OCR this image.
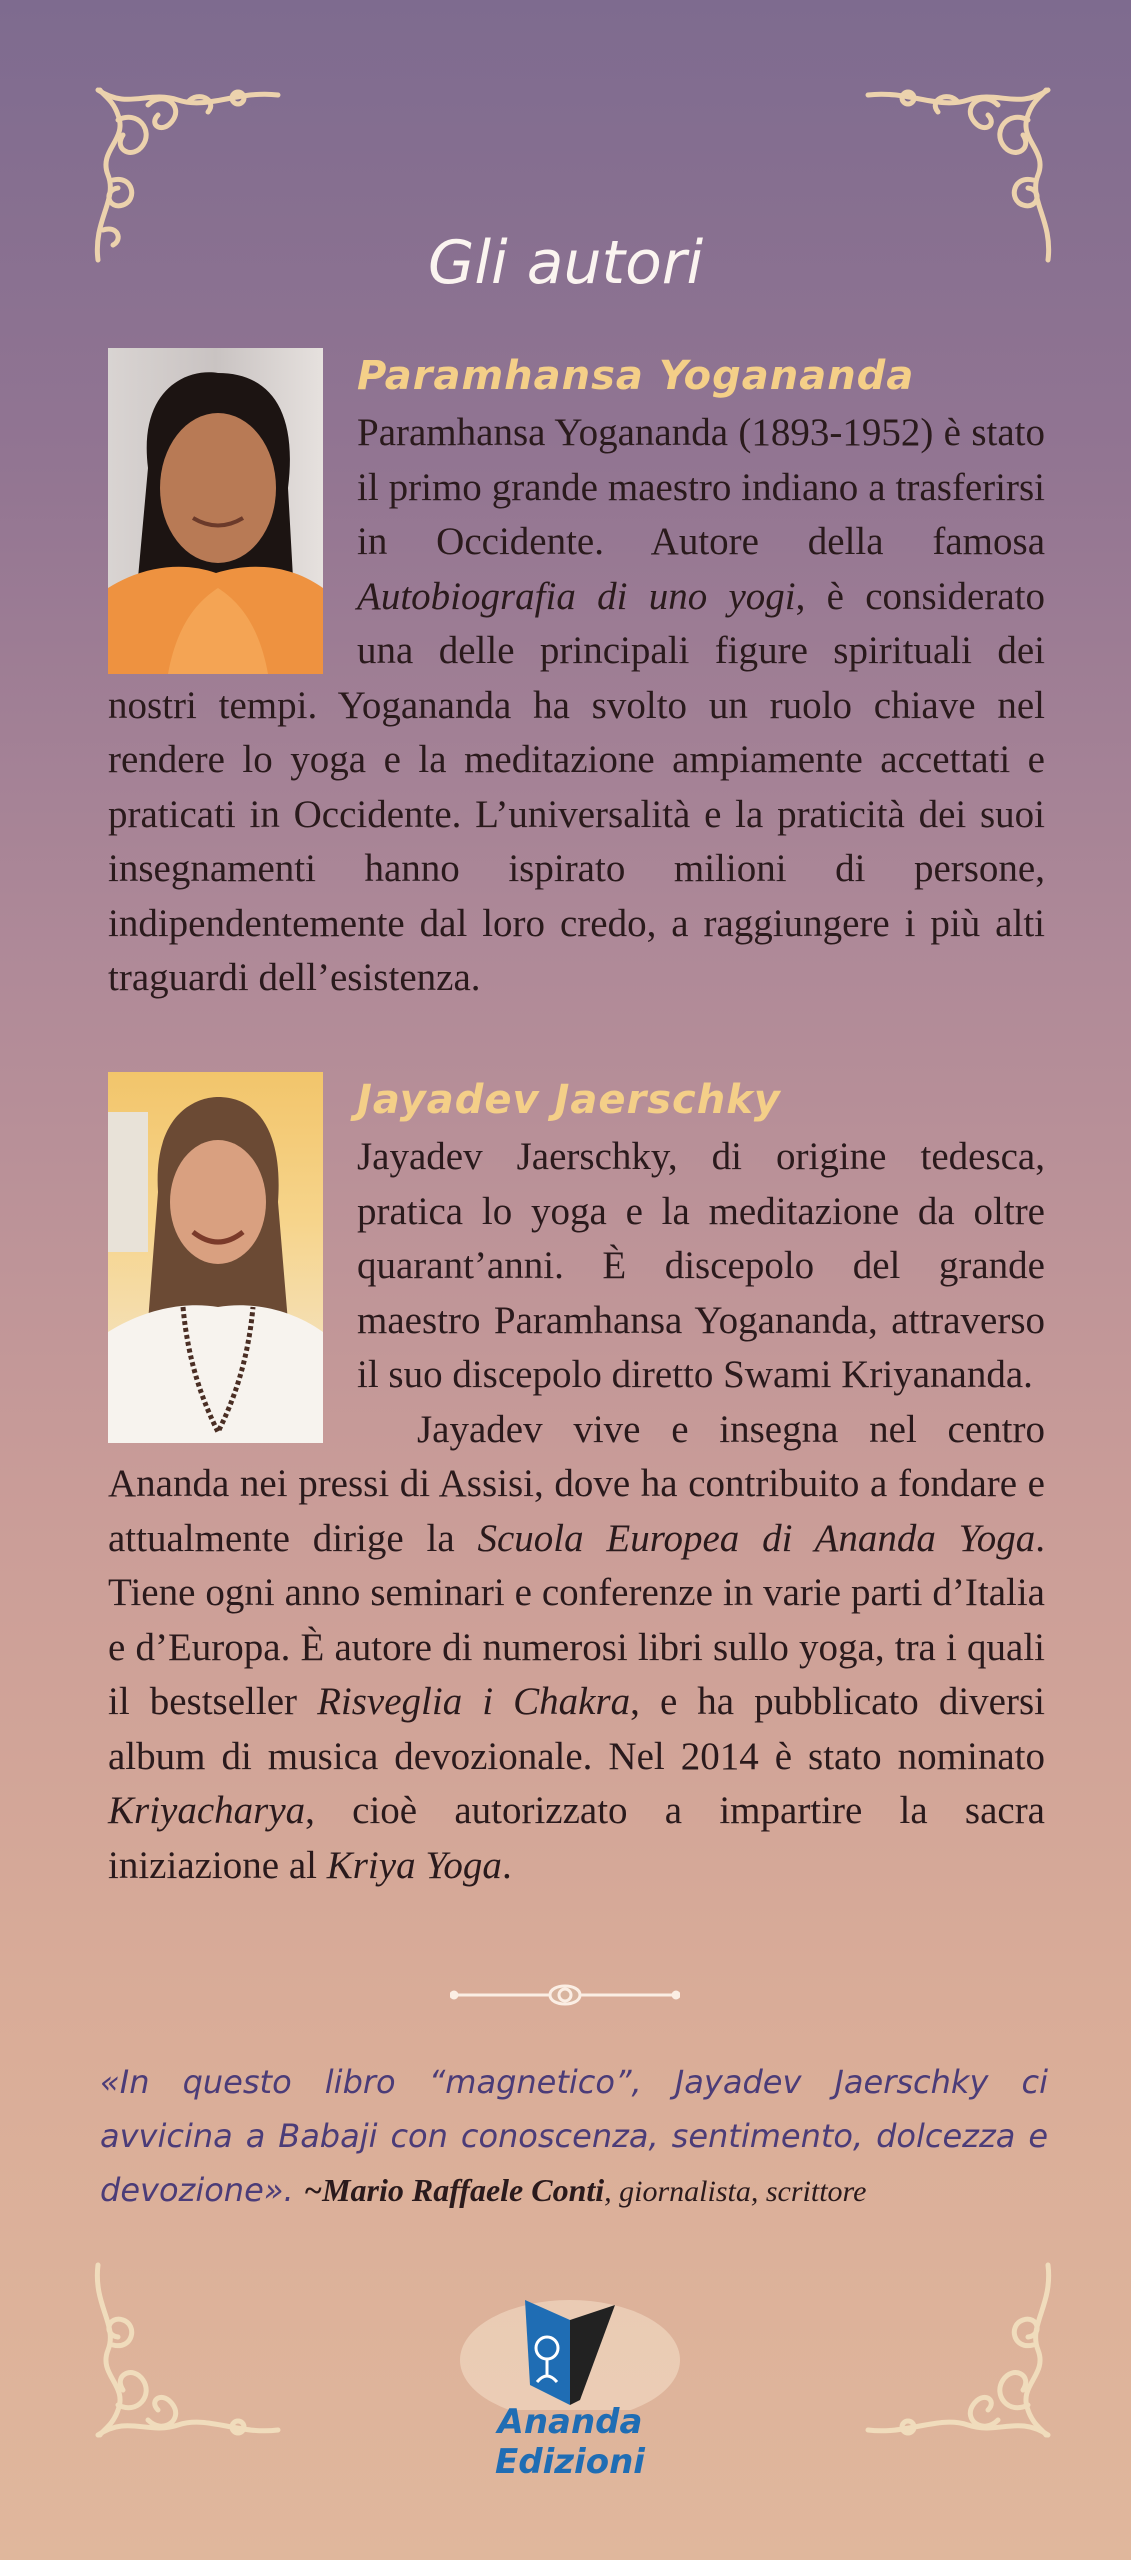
Gli autori
Paramhansa Yogananda

Paramhansa Yogananda (1893-1952) è stato il primo grande maestro indiano a trasferirsi in Occidente. Autore della famosa Autobiografia di uno yogi, è considerato una delle principali figure spirituali dei nostri tempi. Yogananda ha svolto un ruolo chiave nel rendere lo yoga e la meditazione ampiamente accettati e praticati in Occidente. L’universalità e la praticità dei suoi insegnamenti hanno ispirato milioni di persone, indipendentemente dal loro credo, a raggiungere i più alti traguardi dell’esistenza.

Jayadev Jaerschky

Jayadev Jaerschky, di origine tedesca, pratica lo yoga e la meditazione da oltre quarant’anni. È discepolo del grande maestro Paramhansa Yogananda, attraverso il suo discepolo diretto Swami Kriyananda.

Jayadev vive e insegna nel centro Ananda nei pressi di Assisi, dove ha contribuito a fondare e attualmente dirige la Scuola Europea di Ananda Yoga. Tiene ogni anno seminari e conferenze in varie parti d’Italia e d’Europa. È autore di numerosi libri sullo yoga, tra i quali il bestseller Risveglia i Chakra, e ha pubblicato diversi album di musica devozionale. Nel 2014 è stato nominato Kriyacharya, cioè autorizzato a impartire la sacra iniziazione al Kriya Yoga.

«In questo libro “magnetico”, Jayadev Jaerschky ci avvicina a Babaji con conoscenza, sentimento, dolcezza e devozione». ~Mario Raffaele Conti, giornalista, scrittore
Ananda Edizioni
